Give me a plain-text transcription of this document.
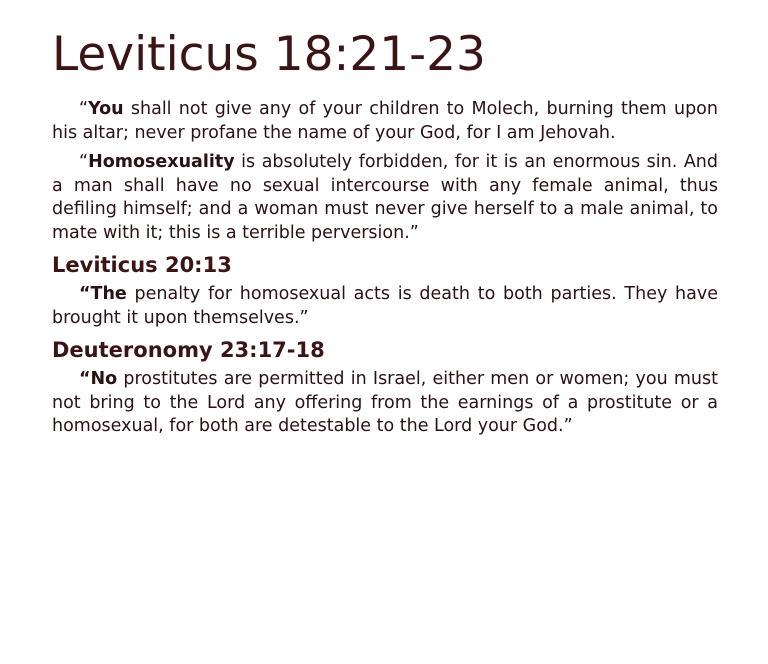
Leviticus 18:21-23

“You shall not give any of your children to Molech, burning them upon his altar; never profane the name of your God, for I am Jehovah.

“Homosexuality is absolutely forbidden, for it is an enormous sin. And a man shall have no sexual intercourse with any female animal, thus defiling himself; and a woman must never give herself to a male animal, to mate with it; this is a terrible perversion.”

Leviticus 20:13

“The penalty for homosexual acts is death to both parties. They have brought it upon themselves.”

Deuteronomy 23:17-18

“No prostitutes are permitted in Israel, either men or women; you must not bring to the Lord any offering from the earnings of a prostitute or a homosexual, for both are detestable to the Lord your God.”
